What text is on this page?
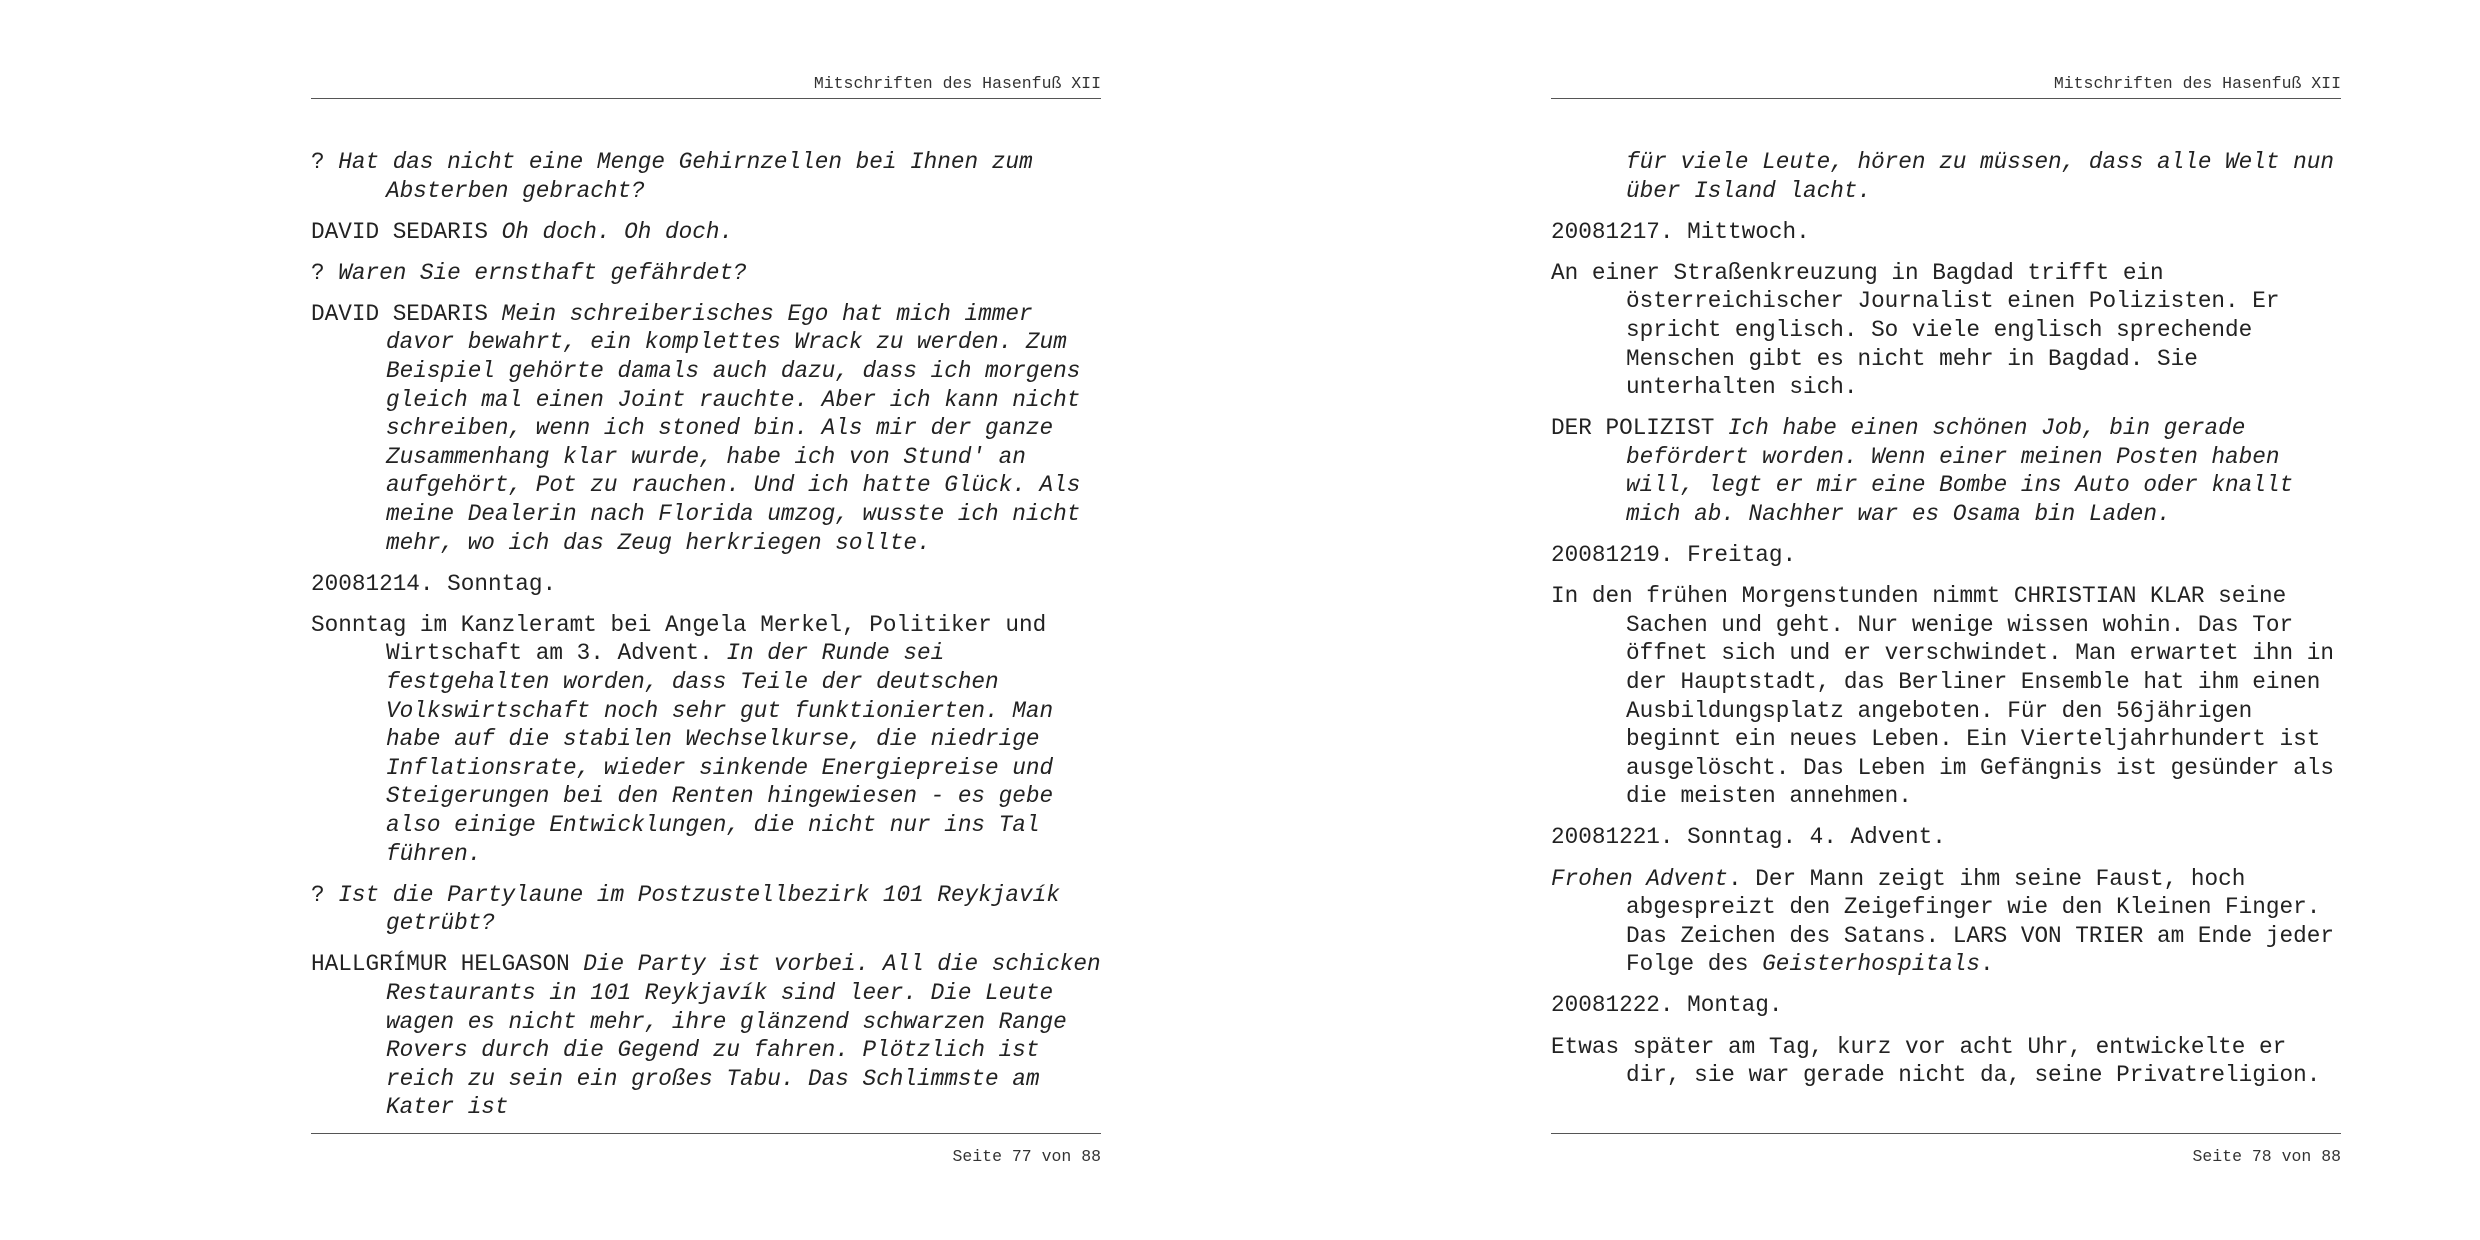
Mitschriften des Hasenfuß XII
? Hat das nicht eine Menge Gehirnzellen bei Ihnen zum Absterben gebracht?
DAVID SEDARIS Oh doch. Oh doch.
? Waren Sie ernsthaft gefährdet?
DAVID SEDARIS Mein schreiberisches Ego hat mich immer davor bewahrt, ein komplettes Wrack zu werden. Zum Beispiel gehörte damals auch dazu, dass ich morgens gleich mal einen Joint rauchte. Aber ich kann nicht schreiben, wenn ich stoned bin. Als mir der ganze Zusammenhang klar wurde, habe ich von Stund' an aufgehört, Pot zu rauchen. Und ich hatte Glück. Als meine Dealerin nach Florida umzog, wusste ich nicht mehr, wo ich das Zeug herkriegen sollte.
20081214. Sonntag.
Sonntag im Kanzleramt bei Angela Merkel, Politiker und Wirtschaft am 3. Advent. In der Runde sei festgehalten worden, dass Teile der deutschen Volkswirtschaft noch sehr gut funktionierten. Man habe auf die stabilen Wechselkurse, die niedrige Inflationsrate, wieder sinkende Energiepreise und Steigerungen bei den Renten hingewiesen - es gebe also einige Entwicklungen, die nicht nur ins Tal führen.
? Ist die Partylaune im Postzustellbezirk 101 Reykjavík getrübt?
HALLGRÍMUR HELGASON Die Party ist vorbei. All die schicken Restaurants in 101 Reykjavík sind leer. Die Leute wagen es nicht mehr, ihre glänzend schwarzen Range Rovers durch die Gegend zu fahren. Plötzlich ist reich zu sein ein großes Tabu. Das Schlimmste am Kater ist
Seite 77 von 88
Mitschriften des Hasenfuß XII
für viele Leute, hören zu müssen, dass alle Welt nun über Island lacht.
20081217. Mittwoch.
An einer Straßenkreuzung in Bagdad trifft ein österreichischer Journalist einen Polizisten. Er spricht englisch. So viele englisch sprechende Menschen gibt es nicht mehr in Bagdad. Sie unterhalten sich.
DER POLIZIST Ich habe einen schönen Job, bin gerade befördert worden. Wenn einer meinen Posten haben will, legt er mir eine Bombe ins Auto oder knallt mich ab. Nachher war es Osama bin Laden.
20081219. Freitag.
In den frühen Morgenstunden nimmt CHRISTIAN KLAR seine Sachen und geht. Nur wenige wissen wohin. Das Tor öffnet sich und er verschwindet. Man erwartet ihn in der Hauptstadt, das Berliner Ensemble hat ihm einen Ausbildungsplatz angeboten. Für den 56jährigen beginnt ein neues Leben. Ein Vierteljahrhundert ist ausgelöscht. Das Leben im Gefängnis ist gesünder als die meisten annehmen.
20081221. Sonntag. 4. Advent.
Frohen Advent. Der Mann zeigt ihm seine Faust, hoch abgespreizt den Zeigefinger wie den Kleinen Finger. Das Zeichen des Satans. LARS VON TRIER am Ende jeder Folge des Geisterhospitals.
20081222. Montag.
Etwas später am Tag, kurz vor acht Uhr, entwickelte er dir, sie war gerade nicht da, seine Privatreligion.
Seite 78 von 88
